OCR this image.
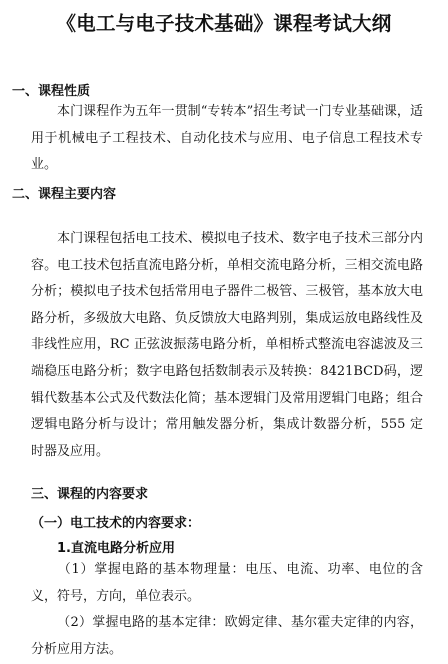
《电工与电子技术基础》课程考试大纲
一、课程性质
本门课程作为五年一贯制“专转本”招生考试一门专业基础课，适用于机械电子工程技术、自动化技术与应用、电子信息工程技术专业。
二、课程主要内容
本门课程包括电工技术、模拟电子技术、数字电子技术三部分内容。电工技术包括直流电路分析，单相交流电路分析，三相交流电路分析；模拟电子技术包括常用电子器件二极管、三极管，基本放大电路分析，多级放大电路、负反馈放大电路判别，集成运放电路线性及非线性应用，RC 正弦波振荡电路分析，单相桥式整流电容滤波及三端稳压电路分析；数字电路包括数制表示及转换：8421BCD码，逻辑代数基本公式及代数法化简；基本逻辑门及常用逻辑门电路；组合逻辑电路分析与设计；常用触发器分析，集成计数器分析，555 定时器及应用。
三、课程的内容要求
（一）电工技术的内容要求：
1.直流电路分析应用
（1）掌握电路的基本物理量：电压、电流、功率、电位的含义，符号，方向，单位表示。
（2）掌握电路的基本定律：欧姆定律、基尔霍夫定律的内容，分析应用方法。
